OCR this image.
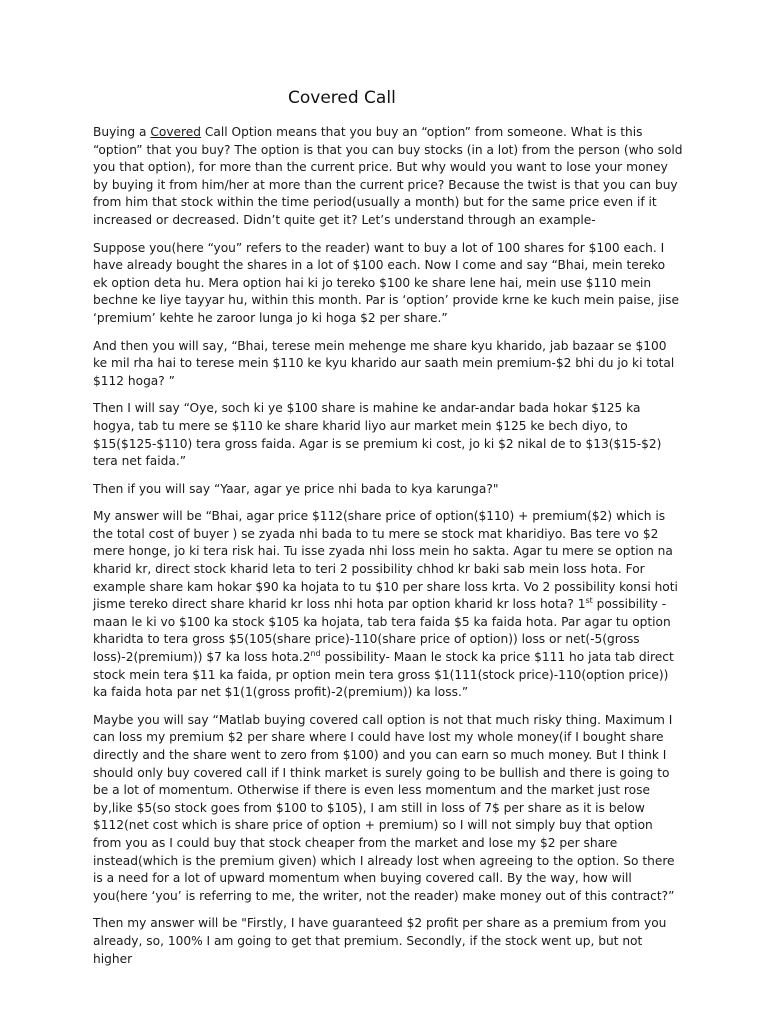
Covered Call

Buying a Covered Call Option means that you buy an “option” from someone. What is this “option” that you buy? The option is that you can buy stocks (in a lot) from the person (who sold you that option), for more than the current price. But why would you want to lose your money by buying it from him/her at more than the current price? Because the twist is that you can buy from him that stock within the time period(usually a month) but for the same price even if it increased or decreased. Didn’t quite get it? Let’s understand through an example-

Suppose you(here “you” refers to the reader) want to buy a lot of 100 shares for $100 each. I have already bought the shares in a lot of $100 each. Now I come and say “Bhai, mein tereko ek option deta hu. Mera option hai ki jo tereko $100 ke share lene hai, mein use $110 mein bechne ke liye tayyar hu, within this month. Par is ‘option’ provide krne ke kuch mein paise, jise ‘premium’ kehte he zaroor lunga jo ki hoga $2 per share.”

And then you will say, “Bhai, terese mein mehenge me share kyu kharido, jab bazaar se $100 ke mil rha hai to terese mein $110 ke kyu kharido aur saath mein premium-$2 bhi du jo ki total $112 hoga? ”

Then I will say “Oye, soch ki ye $100 share is mahine ke andar-andar bada hokar $125 ka hogya, tab tu mere se $110 ke share kharid liyo aur market mein $125 ke bech diyo, to $15($125-$110) tera gross faida. Agar is se premium ki cost, jo ki $2 nikal de to $13($15-$2) tera net faida.”

Then if you will say “Yaar, agar ye price nhi bada to kya karunga?"

My answer will be “Bhai, agar price $112(share price of option($110) + premium($2) which is the total cost of buyer ) se zyada nhi bada to tu mere se stock mat kharidiyo. Bas tere vo $2 mere honge, jo ki tera risk hai. Tu isse zyada nhi loss mein ho sakta. Agar tu mere se option na kharid kr, direct stock kharid leta to teri 2 possibility chhod kr baki sab mein loss hota. For example share kam hokar $90 ka hojata to tu $10 per share loss krta. Vo 2 possibility konsi hoti jisme tereko direct share kharid kr loss nhi hota par option kharid kr loss hota? 1st possibility - maan le ki vo $100 ka stock $105 ka hojata, tab tera faida $5 ka faida hota. Par agar tu option kharidta to tera gross $5(105(share price)-110(share price of option)) loss or net(-5(gross loss)-2(premium)) $7 ka loss hota.2nd possibility- Maan le stock ka price $111 ho jata tab direct stock mein tera $11 ka faida, pr option mein tera gross $1(111(stock price)-110(option price)) ka faida hota par net $1(1(gross profit)-2(premium)) ka loss.”

Maybe you will say “Matlab buying covered call option is not that much risky thing. Maximum I can loss my premium $2 per share where I could have lost my whole money(if I bought share directly and the share went to zero from $100) and you can earn so much money. But I think I should only buy covered call if I think market is surely going to be bullish and there is going to be a lot of momentum. Otherwise if there is even less momentum and the market just rose by,like $5(so stock goes from $100 to $105), I am still in loss of 7$ per share as it is below $112(net cost which is share price of option + premium) so I will not simply buy that option from you as I could buy that stock cheaper from the market and lose my $2 per share instead(which is the premium given) which I already lost when agreeing to the option. So there is a need for a lot of upward momentum when buying covered call. By the way, how will you(here ‘you’ is referring to me, the writer, not the reader) make money out of this contract?”

Then my answer will be "Firstly, I have guaranteed $2 profit per share as a premium from you already, so, 100% I am going to get that premium. Secondly, if the stock went up, but not higher
